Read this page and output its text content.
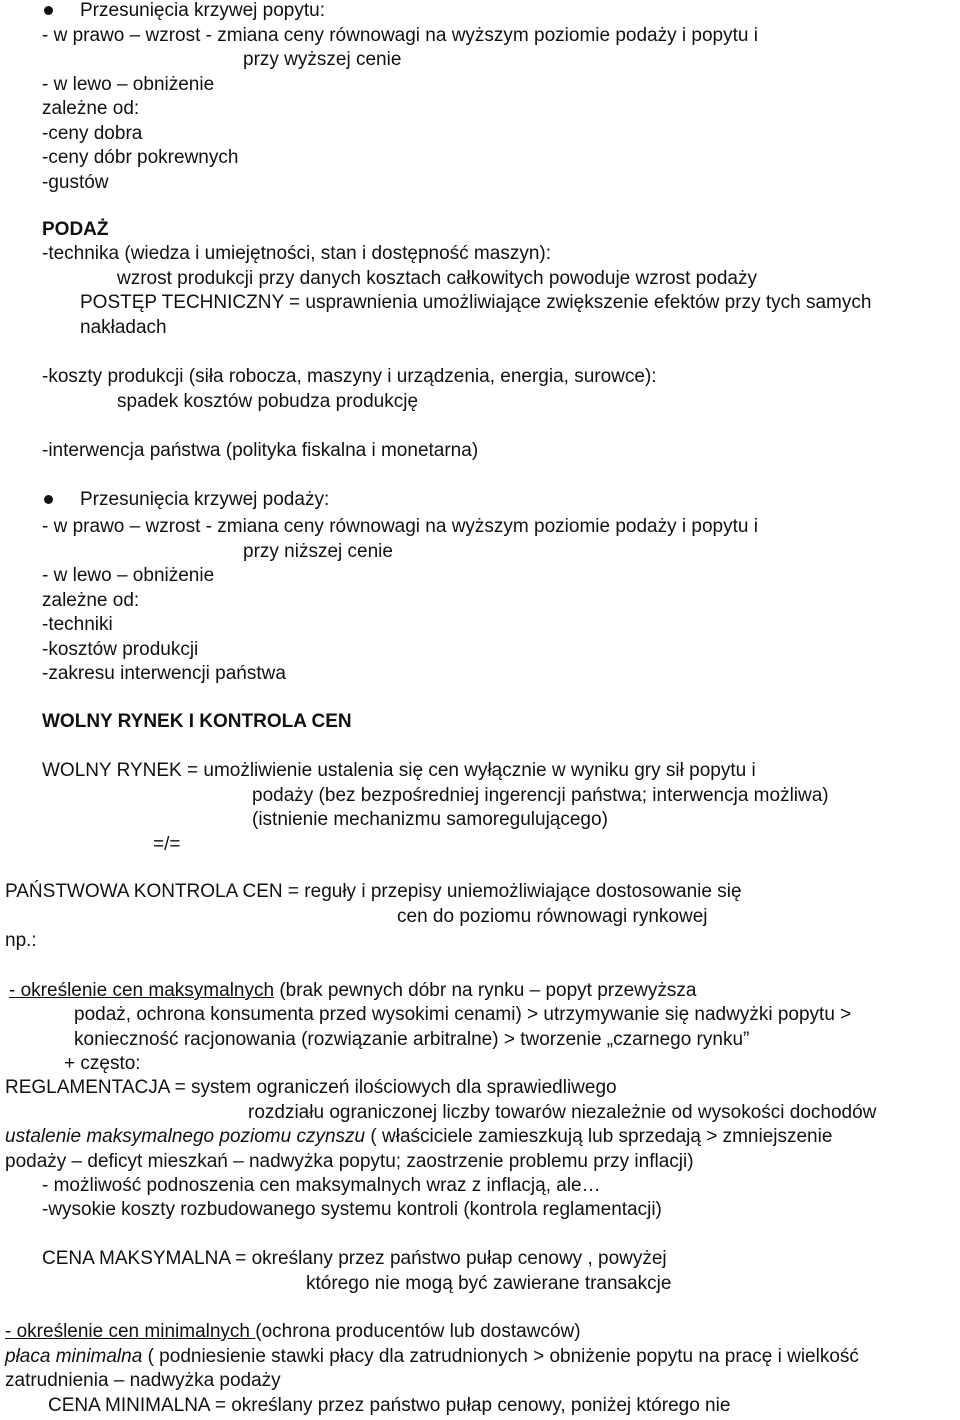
Przesunięcia krzywej popytu:
- w prawo – wzrost - zmiana ceny równowagi na wyższym poziomie podaży i popytu i
przy wyższej cenie
- w lewo – obniżenie
zależne od:
-ceny dobra
-ceny dóbr pokrewnych
-gustów
PODAŻ
-technika (wiedza i umiejętności, stan i dostępność maszyn):
wzrost produkcji przy danych kosztach całkowitych powoduje wzrost podaży
POSTĘP TECHNICZNY = usprawnienia umożliwiające zwiększenie efektów przy tych samych
nakładach
-koszty produkcji (siła robocza, maszyny i urządzenia, energia, surowce):
spadek kosztów pobudza produkcję
-interwencja państwa (polityka fiskalna i monetarna)
Przesunięcia krzywej podaży:
- w prawo – wzrost - zmiana ceny równowagi na wyższym poziomie podaży i popytu i
przy niższej cenie
- w lewo – obniżenie
zależne od:
-techniki
-kosztów produkcji
-zakresu interwencji państwa
WOLNY RYNEK I KONTROLA CEN
WOLNY RYNEK = umożliwienie ustalenia się cen wyłącznie w wyniku gry sił popytu i
podaży (bez bezpośredniej ingerencji państwa; interwencja możliwa)
(istnienie mechanizmu samoregulującego)
=/=
PAŃSTWOWA KONTROLA CEN = reguły i przepisy uniemożliwiające dostosowanie się
cen do poziomu równowagi rynkowej
np.:
- określenie cen maksymalnych (brak pewnych dóbr na rynku – popyt przewyższa
podaż, ochrona konsumenta przed wysokimi cenami) > utrzymywanie się nadwyżki popytu >
konieczność racjonowania (rozwiązanie arbitralne) > tworzenie „czarnego rynku”
+ często:
REGLAMENTACJA = system ograniczeń ilościowych dla sprawiedliwego
rozdziału ograniczonej liczby towarów niezależnie od wysokości dochodów
ustalenie maksymalnego poziomu czynszu ( właściciele zamieszkują lub sprzedają > zmniejszenie
podaży – deficyt mieszkań – nadwyżka popytu; zaostrzenie problemu przy inflacji)
- możliwość podnoszenia cen maksymalnych wraz z inflacją, ale…
-wysokie koszty rozbudowanego systemu kontroli (kontrola reglamentacji)
CENA MAKSYMALNA = określany przez państwo pułap cenowy , powyżej
którego nie mogą być zawierane transakcje
- określenie cen minimalnych (ochrona producentów lub dostawców)
płaca minimalna ( podniesienie stawki płacy dla zatrudnionych > obniżenie popytu na pracę i wielkość
zatrudnienia – nadwyżka podaży
CENA MINIMALNA = określany przez państwo pułap cenowy, poniżej którego nie
